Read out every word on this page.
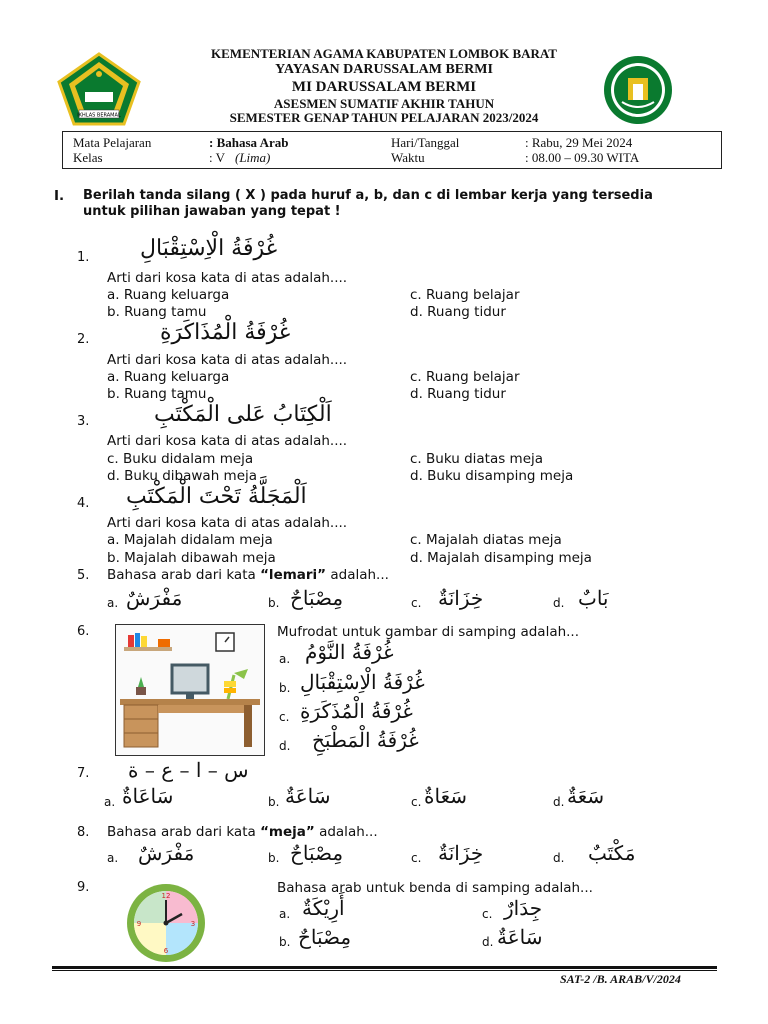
IKHLAS BERAMAL
KEMENTERIAN AGAMA KABUPATEN LOMBOK BARAT
YAYASAN DARUSSALAM BERMI
MI DARUSSALAM BERMI
ASESMEN SUMATIF AKHIR TAHUN
SEMESTER GENAP TAHUN PELAJARAN 2023/2024
Mata Pelajaran	: Bahasa Arab
Kelas	: V (Lima)
Hari/Tanggal	: Rabu, 29 Mei 2024
Waktu	: 08.00 – 09.30 WITA
I. Berilah tanda silang ( X ) pada huruf a, b, dan c di lembar kerja yang tersedia
untuk pilihan jawaban yang tepat !
1. غُرْفَةُ الْاِسْتِقْبَالِ
Arti dari kosa kata di atas adalah....
a. Ruang keluarga
b. Ruang tamu
c. Ruang belajar
d. Ruang tidur
2.	غُرْفَةُ الْمُذَاكَرَةِ
Arti dari kosa kata di atas adalah....
a. Ruang keluarga
b. Ruang tamu
c. Ruang belajar
d. Ruang tidur
3.	اَلْكِتَابُ عَلى الْمَكْتَبِ
Arti dari kosa kata di atas adalah....
c. Buku didalam meja
d. Buku dibawah meja
c. Buku diatas meja
d. Buku disamping meja
4. اَلْمَجَلَّةُ تَحْتَ الْمَكْتَبِ
Arti dari kosa kata di atas adalah....
a. Majalah didalam meja
b. Majalah dibawah meja
c. Majalah diatas meja
d. Majalah disamping meja
5. Bahasa arab dari kata “lemari” adalah...
a. مَفْرَشٌ	b. مِصْبَاحٌ	c. خِزَانَةٌ	d. بَابٌ
6.	Mufrodat untuk gambar di samping adalah...
a. غُرْفَةُ النَّوْمُ
b. غُرْفَةُ الْاِسْتِقْبَالِ
c. غُرْفَةُ الْمُذَكَرَةِ
d. غُرْفَةُ الْمَطْبَخِ
7. س – ا – ع – ة
a. سَاعَاةٌ	b. سَاعَةٌ	c. سَعَاةٌ	d. سَعَةٌ
8. Bahasa arab dari kata “meja” adalah...
a. مَفْرَشٌ	b. مِصْبَاحٌ	c. خِزَانَةٌ	d. مَكْتَبٌ
9.
12
3
6
9
Bahasa arab untuk benda di samping adalah...
a. أَرِيْكَةٌ
b. مِصْبَاحٌ
c. جِدَارٌ
d. سَاعَةٌ
SAT-2 /B. ARAB/V/2024
